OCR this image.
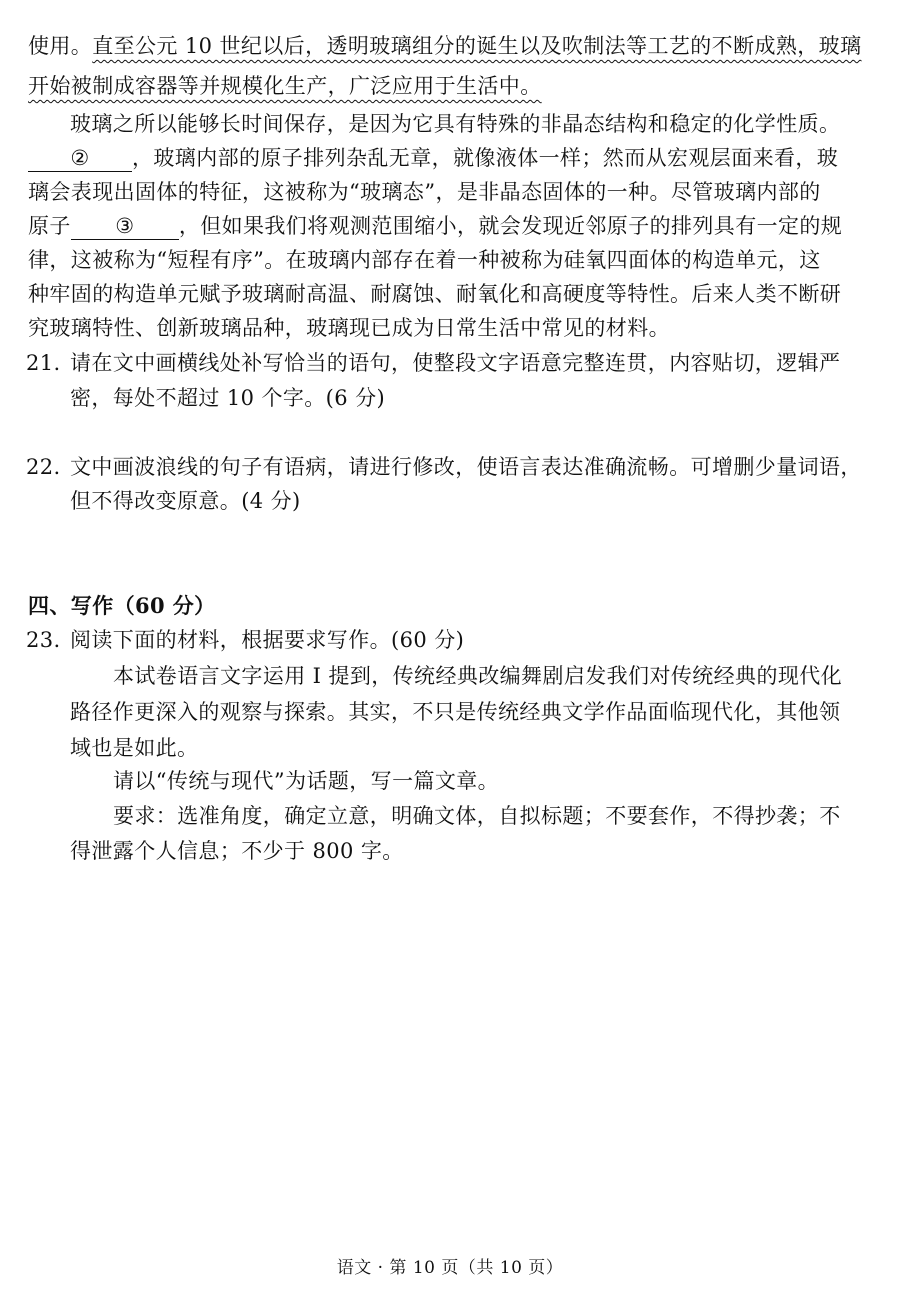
使用。直至公元 10 世纪以后，透明玻璃组分的诞生以及吹制法等工艺的不断成熟，玻璃
开始被制成容器等并规模化生产，广泛应用于生活中。
玻璃之所以能够长时间保存，是因为它具有特殊的非晶态结构和稳定的化学性质。
② ，玻璃内部的原子排列杂乱无章，就像液体一样；然而从宏观层面来看，玻
璃会表现出固体的特征，这被称为“玻璃态”，是非晶态固体的一种。尽管玻璃内部的
原子 ③ ，但如果我们将观测范围缩小，就会发现近邻原子的排列具有一定的规
律，这被称为“短程有序”。在玻璃内部存在着一种被称为硅氧四面体的构造单元，这
种牢固的构造单元赋予玻璃耐高温、耐腐蚀、耐氧化和高硬度等特性。后来人类不断研
究玻璃特性、创新玻璃品种，玻璃现已成为日常生活中常见的材料。
21. 请在文中画横线处补写恰当的语句，使整段文字语意完整连贯，内容贴切，逻辑严
密，每处不超过 10 个字。(6 分)
22. 文中画波浪线的句子有语病，请进行修改，使语言表达准确流畅。可增删少量词语，
但不得改变原意。(4 分)
四、写作（60 分）
23. 阅读下面的材料，根据要求写作。(60 分)
本试卷语言文字运用 I 提到，传统经典改编舞剧启发我们对传统经典的现代化
路径作更深入的观察与探索。其实，不只是传统经典文学作品面临现代化，其他领
域也是如此。
请以“传统与现代”为话题，写一篇文章。
要求：选准角度，确定立意，明确文体，自拟标题；不要套作，不得抄袭；不
得泄露个人信息；不少于 800 字。
语文 · 第 10 页（共 10 页）
